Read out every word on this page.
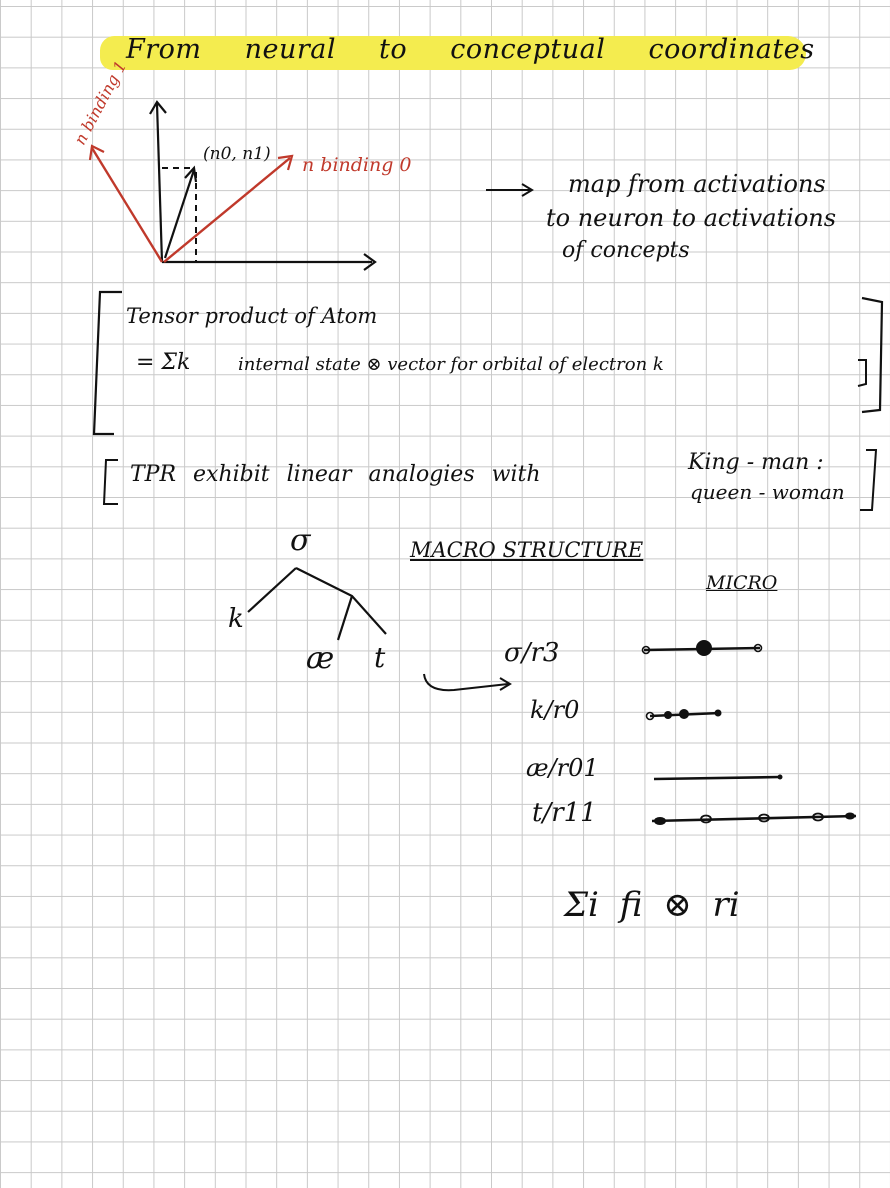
From neural to conceptual coordinates
(n0, n1)
n binding 1
n binding 0
map from activations
to neuron to activations
of concepts
Tensor product of Atom
= Σk	internal state ⊗ vector for orbital of electron k
TPR exhibit linear analogies with	King - man :
queen - woman
σ
k
æ t
MACRO STRUCTURE
MICRO
σ/r3
k/r0
æ/r01
t/r11
Σi fi ⊗ ri
